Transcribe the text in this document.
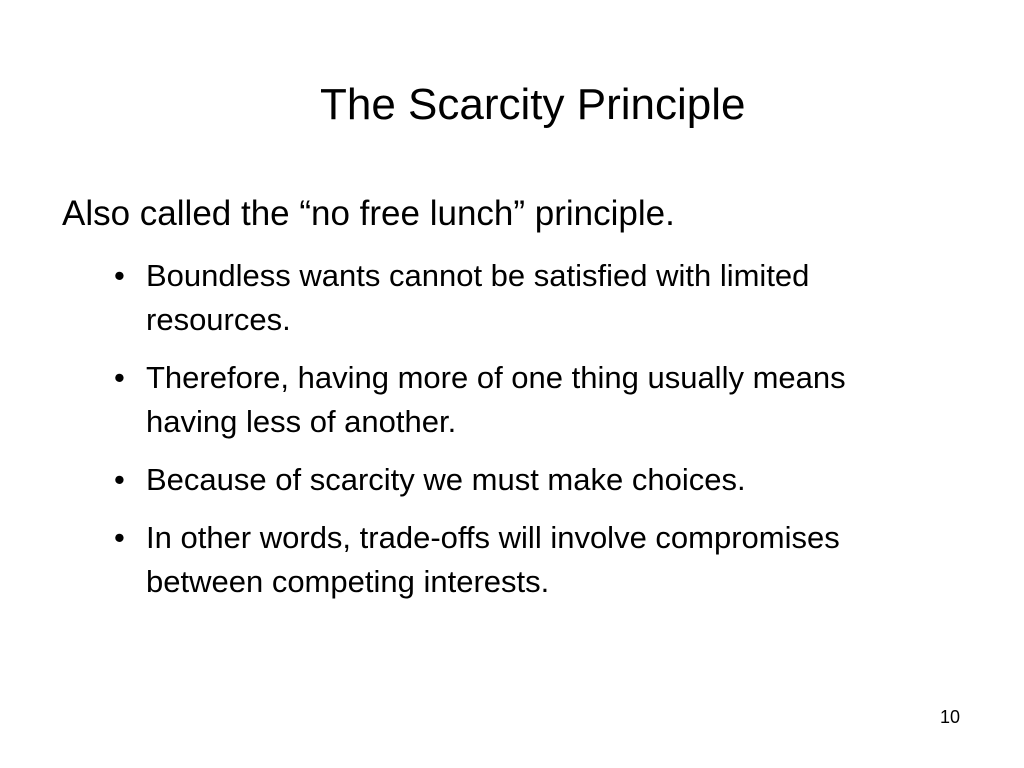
The Scarcity Principle

Also called the “no free lunch” principle.

• Boundless wants cannot be satisfied with limited resources.
• Therefore, having more of one thing usually means having less of another.
• Because of scarcity we must make choices.
• In other words, trade-offs will involve compromises between competing interests.
10
